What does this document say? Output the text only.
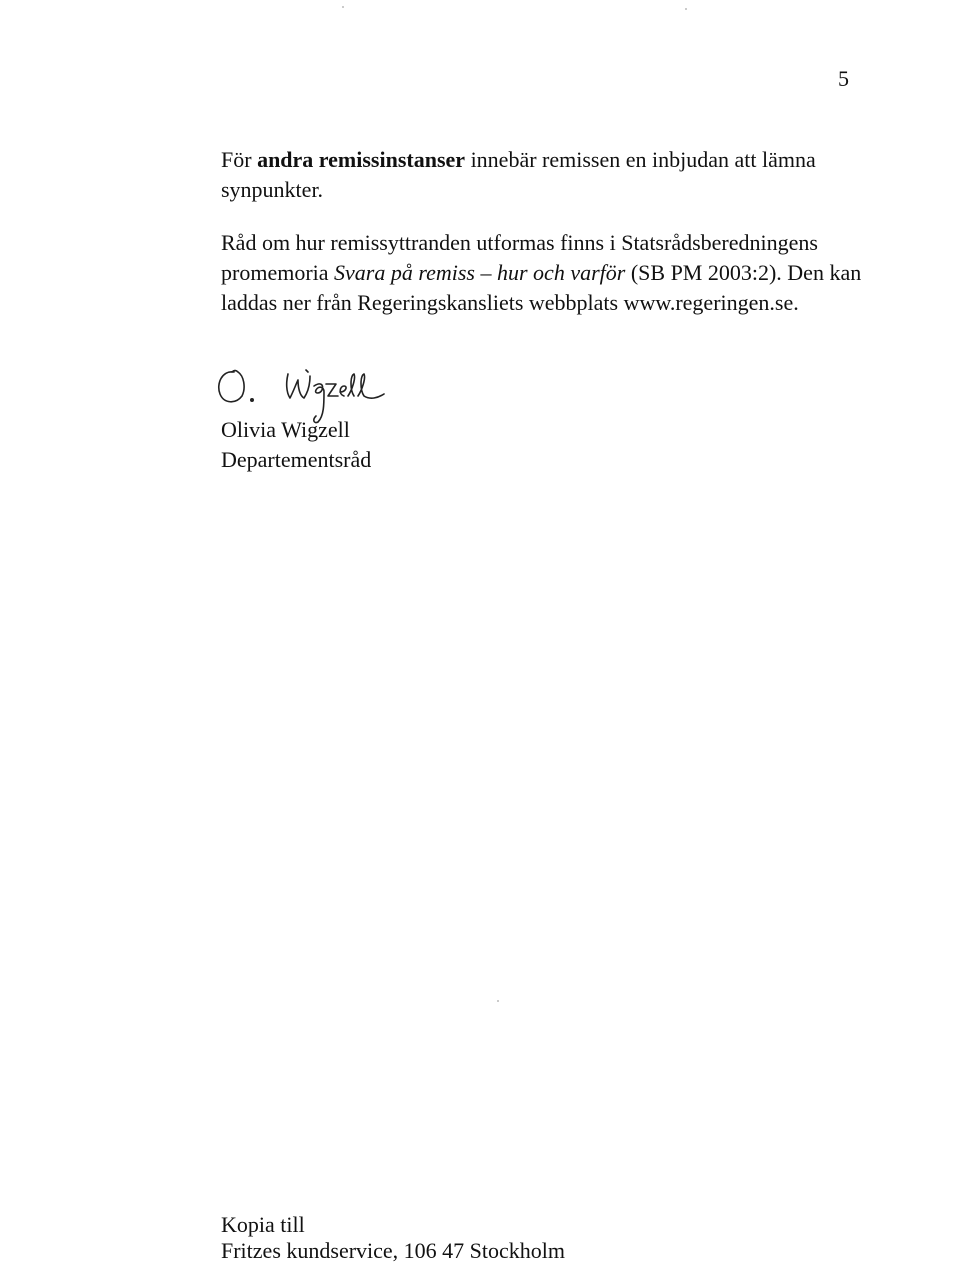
5

För andra remissinstanser innebär remissen en inbjudan att lämna
synpunkter.

Råd om hur remissyttranden utformas finns i Statsrådsberedningens
promemoria Svara på remiss – hur och varför (SB PM 2003:2). Den kan
laddas ner från Regeringskansliets webbplats www.regeringen.se.

Olivia Wigzell
Departementsråd
Kopia till
Fritzes kundservice, 106 47 Stockholm
